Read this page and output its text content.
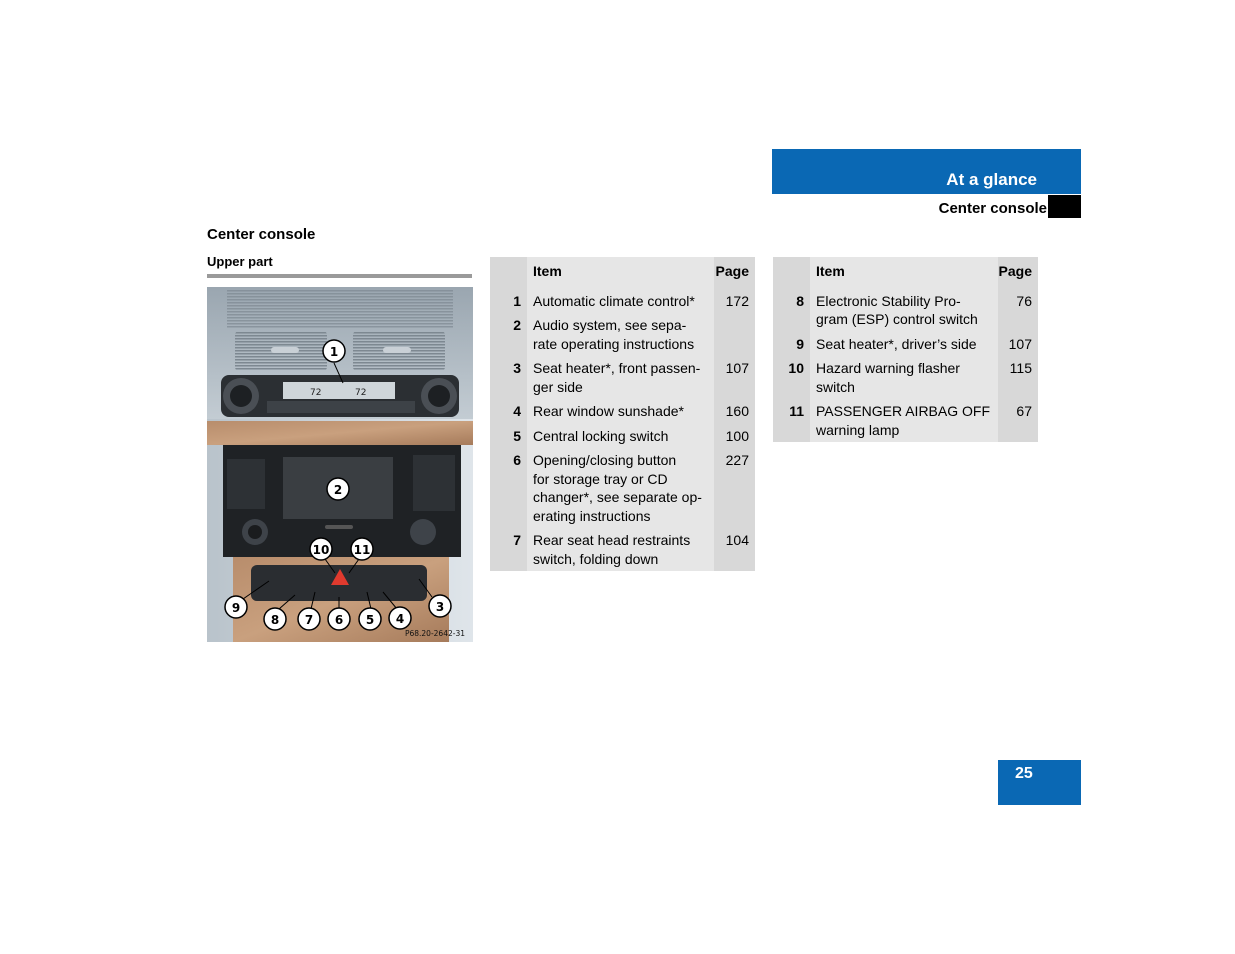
At a glance
Center console
Center console
Upper part
72	72
1
2
3
4
5
6
7
8
9
10 11
P68.20-2642-31
	Item	Page
1	Automatic climate control*	172
2	Audio system, see sepa-
rate operating instructions	
3	Seat heater*, front passen-
ger side	107
4	Rear window sunshade*	160
5	Central locking switch	100
6	Opening/closing button
for storage tray or CD
changer*, see separate op-
erating instructions	227
7	Rear seat head restraints
switch, folding down	104
	Item	Page
8	Electronic Stability Pro-
gram (ESP) control switch	76
9	Seat heater*, driver’s side	107
10	Hazard warning flasher
switch	115
11	PASSENGER AIRBAG OFF
warning lamp	67
25
